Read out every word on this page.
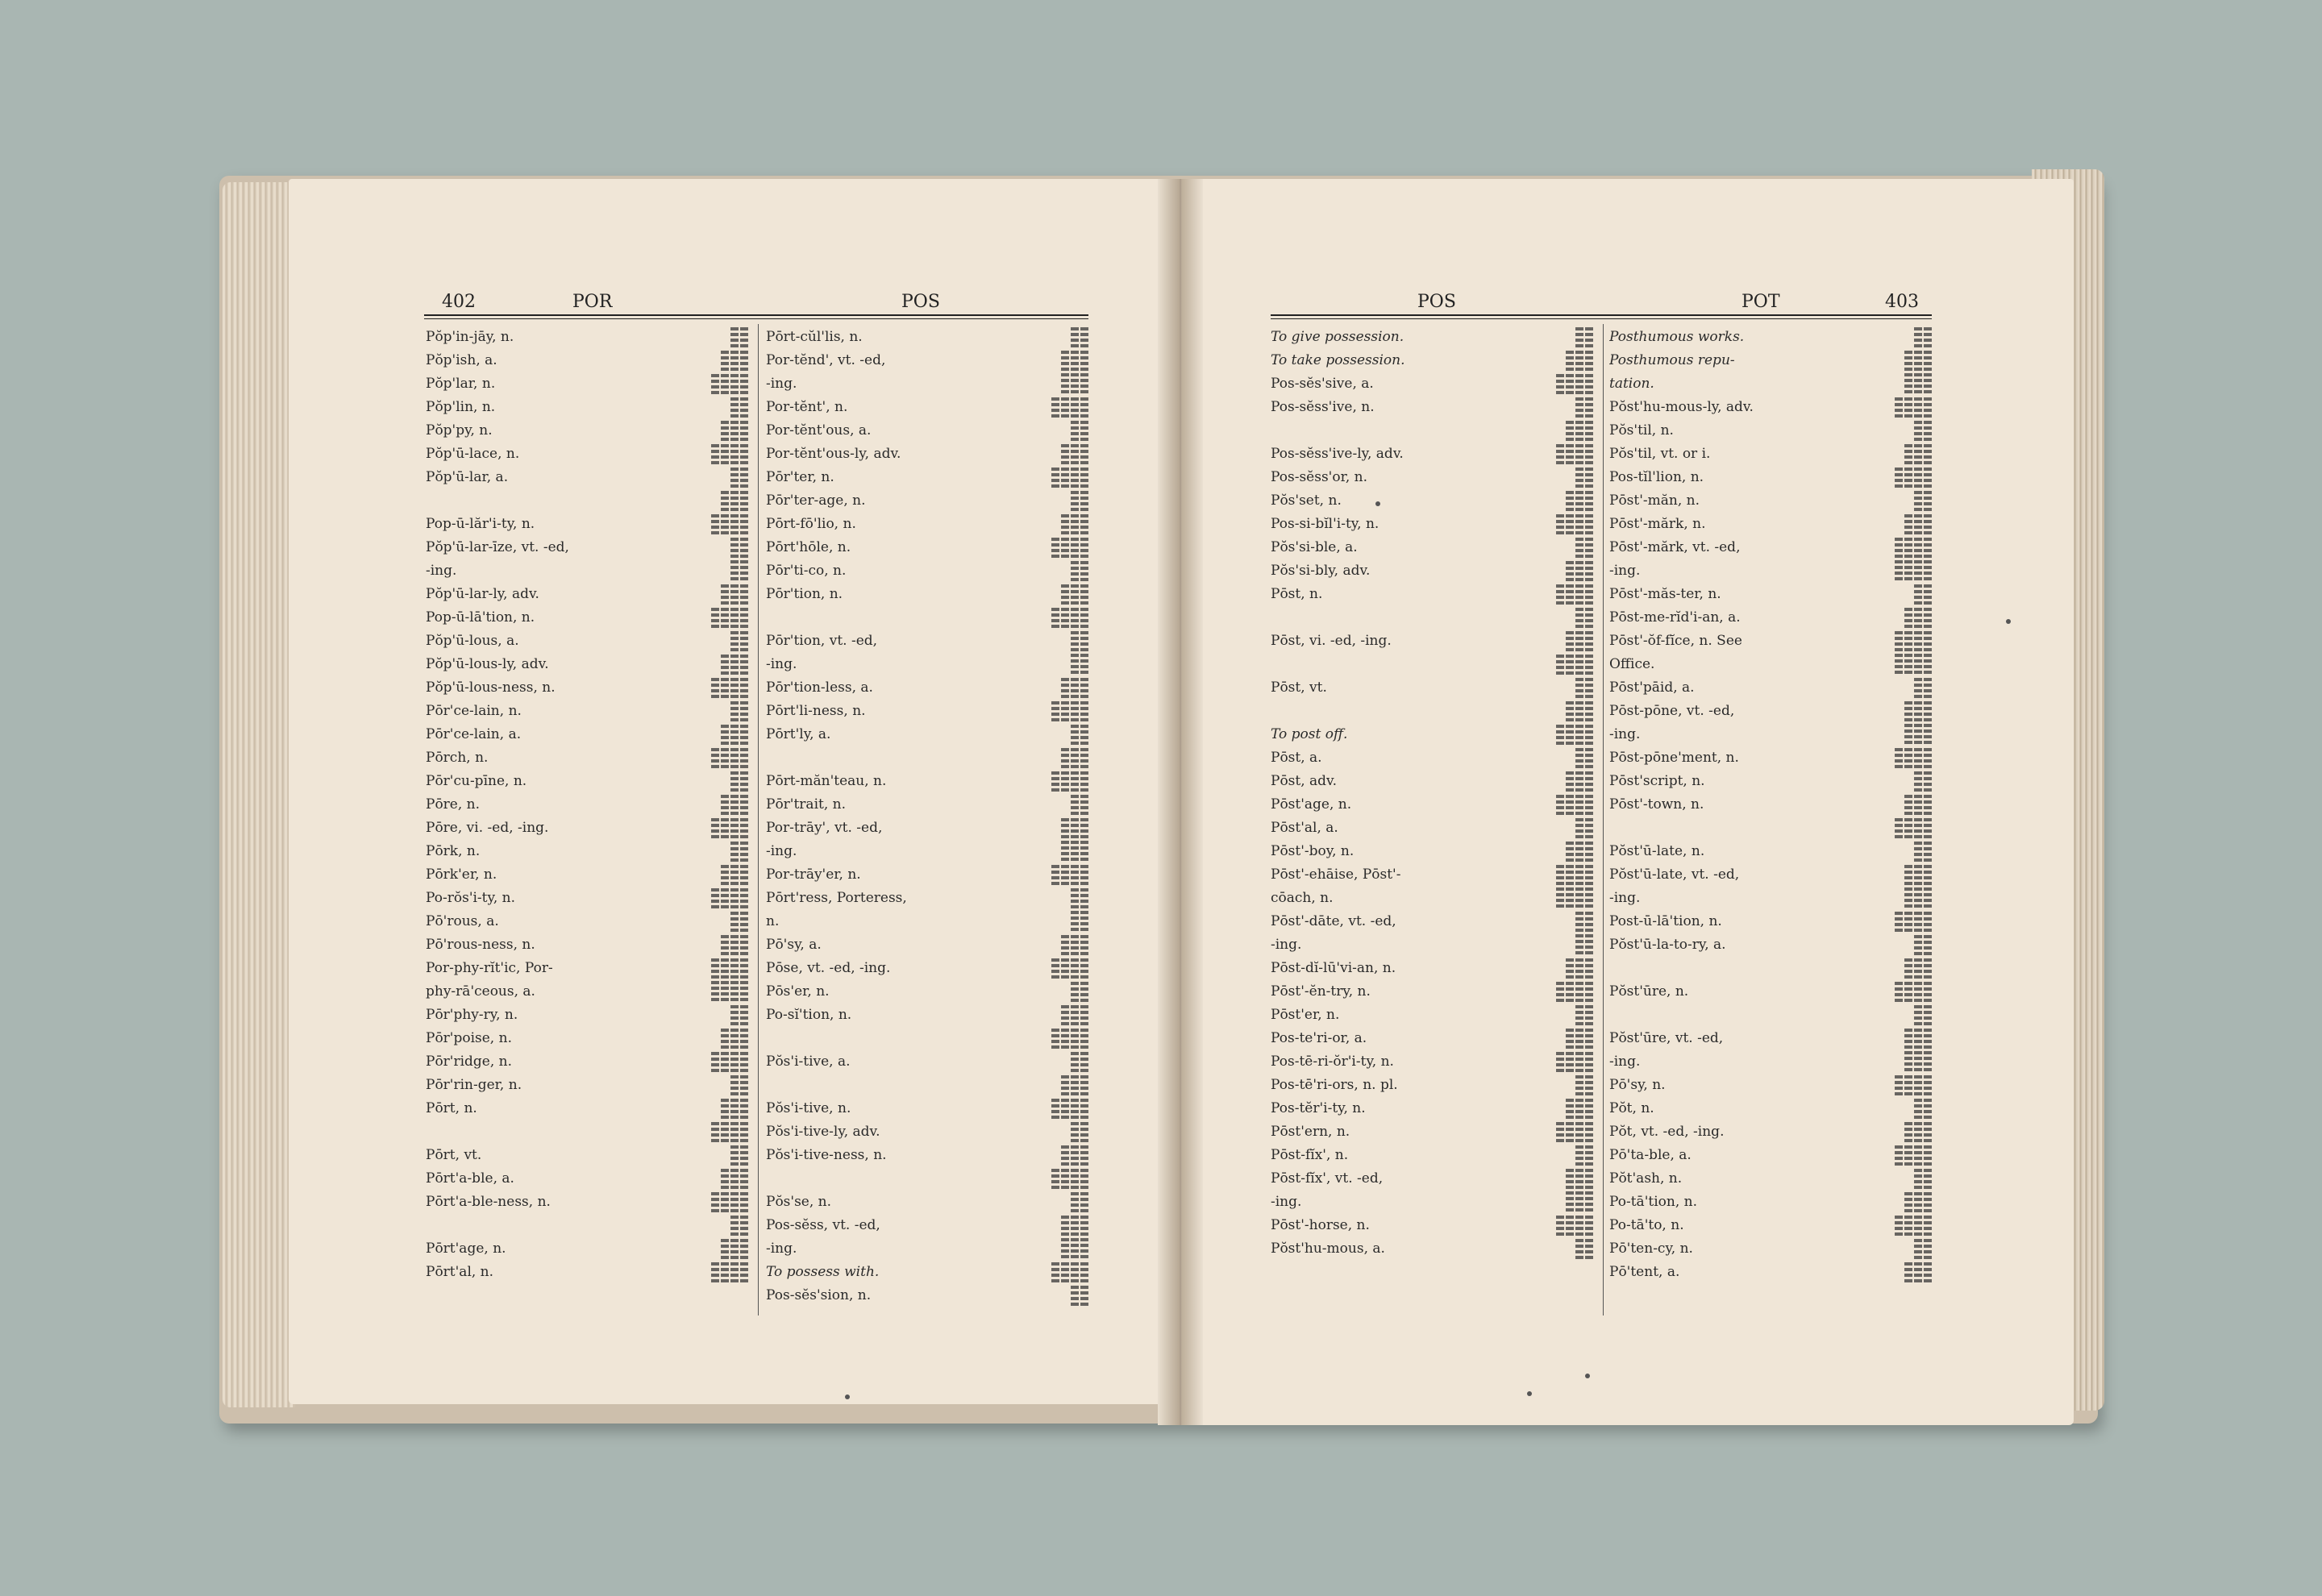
402	POR	POS	POS	POT	403
Pŏp'in-jāy, n.
Pŏp'ish, a.
Pŏp'lar, n.
Pŏp'lin, n.
Pŏp'py, n.
Pŏp'ū-lace, n.
Pŏp'ū-lar, a.
Pop-ū-lăr'i-ty, n.
Pŏp'ū-lar-īze, vt. -ed,
-ing.
Pŏp'ū-lar-ly, adv.
Pop-ū-lā'tion, n.
Pŏp'ū-lous, a.
Pŏp'ū-lous-ly, adv.
Pŏp'ū-lous-ness, n.
Pōr'ce-lain, n.
Pōr'ce-lain, a.
Pōrch, n.
Pōr'cu-pīne, n.
Pōre, n.
Pōre, vi. -ed, -ing.
Pōrk, n.
Pōrk'er, n.
Po-rŏs'i-ty, n.
Pō'rous, a.
Pō'rous-ness, n.
Por-phy-rĭt'ic, Por-
phy-rā'ceous, a.
Pōr'phy-ry, n.
Pōr'poise, n.
Pōr'ridge, n.
Pōr'rin-ger, n.
Pōrt, n.
Pōrt, vt.
Pōrt'a-ble, a.
Pōrt'a-ble-ness, n.
Pōrt'age, n.
Pōrt'al, n.
Pōrt-cŭl'lis, n.
Por-tĕnd', vt. -ed,
-ing.
Por-tĕnt', n.
Por-tĕnt'ous, a.
Por-tĕnt'ous-ly, adv.
Pōr'ter, n.
Pōr'ter-age, n.
Pōrt-fō'lio, n.
Pōrt'hōle, n.
Pōr'ti-co, n.
Pōr'tion, n.
Pōr'tion, vt. -ed,
-ing.
Pōr'tion-less, a.
Pōrt'li-ness, n.
Pōrt'ly, a.
Pōrt-măn'teau, n.
Pōr'trait, n.
Por-trāy', vt. -ed,
-ing.
Por-trāy'er, n.
Pōrt'ress, Porteress,
n.
Pō'sy, a.
Pōse, vt. -ed, -ing.
Pōs'er, n.
Po-sĭ'tion, n.
Pŏs'i-tive, a.
Pŏs'i-tive, n.
Pŏs'i-tive-ly, adv.
Pŏs'i-tive-ness, n.
Pŏs'se, n.
Pos-sĕss, vt. -ed,
-ing.
To possess with.
Pos-sĕs'sion, n.
To give possession.
To take possession.
Pos-sĕs'sive, a.
Pos-sĕss'ive, n.
Pos-sĕss'ive-ly, adv.
Pos-sĕss'or, n.
Pŏs'set, n.
Pos-si-bĭl'i-ty, n.
Pŏs'si-ble, a.
Pŏs'si-bly, adv.
Pōst, n.
Pōst, vi. -ed, -ing.
Pōst, vt.
To post off.
Pōst, a.
Pōst, adv.
Pōst'age, n.
Pōst'al, a.
Pōst'-boy, n.
Pōst'-ehāise, Pōst'-
cōach, n.
Pōst'-dāte, vt. -ed,
-ing.
Pōst-dĭ-lū'vi-an, n.
Pōst'-ĕn-try, n.
Pōst'er, n.
Pos-te'ri-or, a.
Pos-tē-ri-ŏr'i-ty, n.
Pos-tē'ri-ors, n. pl.
Pos-tĕr'i-ty, n.
Pōst'ern, n.
Pōst-fĭx', n.
Pōst-fĭx', vt. -ed,
-ing.
Pōst'-horse, n.
Pŏst'hu-mous, a.
Posthumous works.
Posthumous repu-
tation.
Pŏst'hu-mous-ly, adv.
Pŏs'til, n.
Pŏs'til, vt. or i.
Pos-tĭl'lion, n.
Pōst'-măn, n.
Pōst'-mărk, n.
Pōst'-mărk, vt. -ed,
-ing.
Pōst'-măs-ter, n.
Pōst-me-rĭd'i-an, a.
Pōst'-ŏf-fĭce, n. See
Office.
Pōst'pāid, a.
Pōst-pōne, vt. -ed,
-ing.
Pōst-pōne'ment, n.
Pōst'script, n.
Pōst'-town, n.
Pŏst'ū-late, n.
Pŏst'ū-late, vt. -ed,
-ing.
Post-ū-lā'tion, n.
Pŏst'ū-la-to-ry, a.
Pŏst'ūre, n.
Pŏst'ūre, vt. -ed,
-ing.
Pō'sy, n.
Pŏt, n.
Pŏt, vt. -ed, -ing.
Pō'ta-ble, a.
Pŏt'ash, n.
Po-tā'tion, n.
Po-tā'to, n.
Pō'ten-cy, n.
Pō'tent, a.
